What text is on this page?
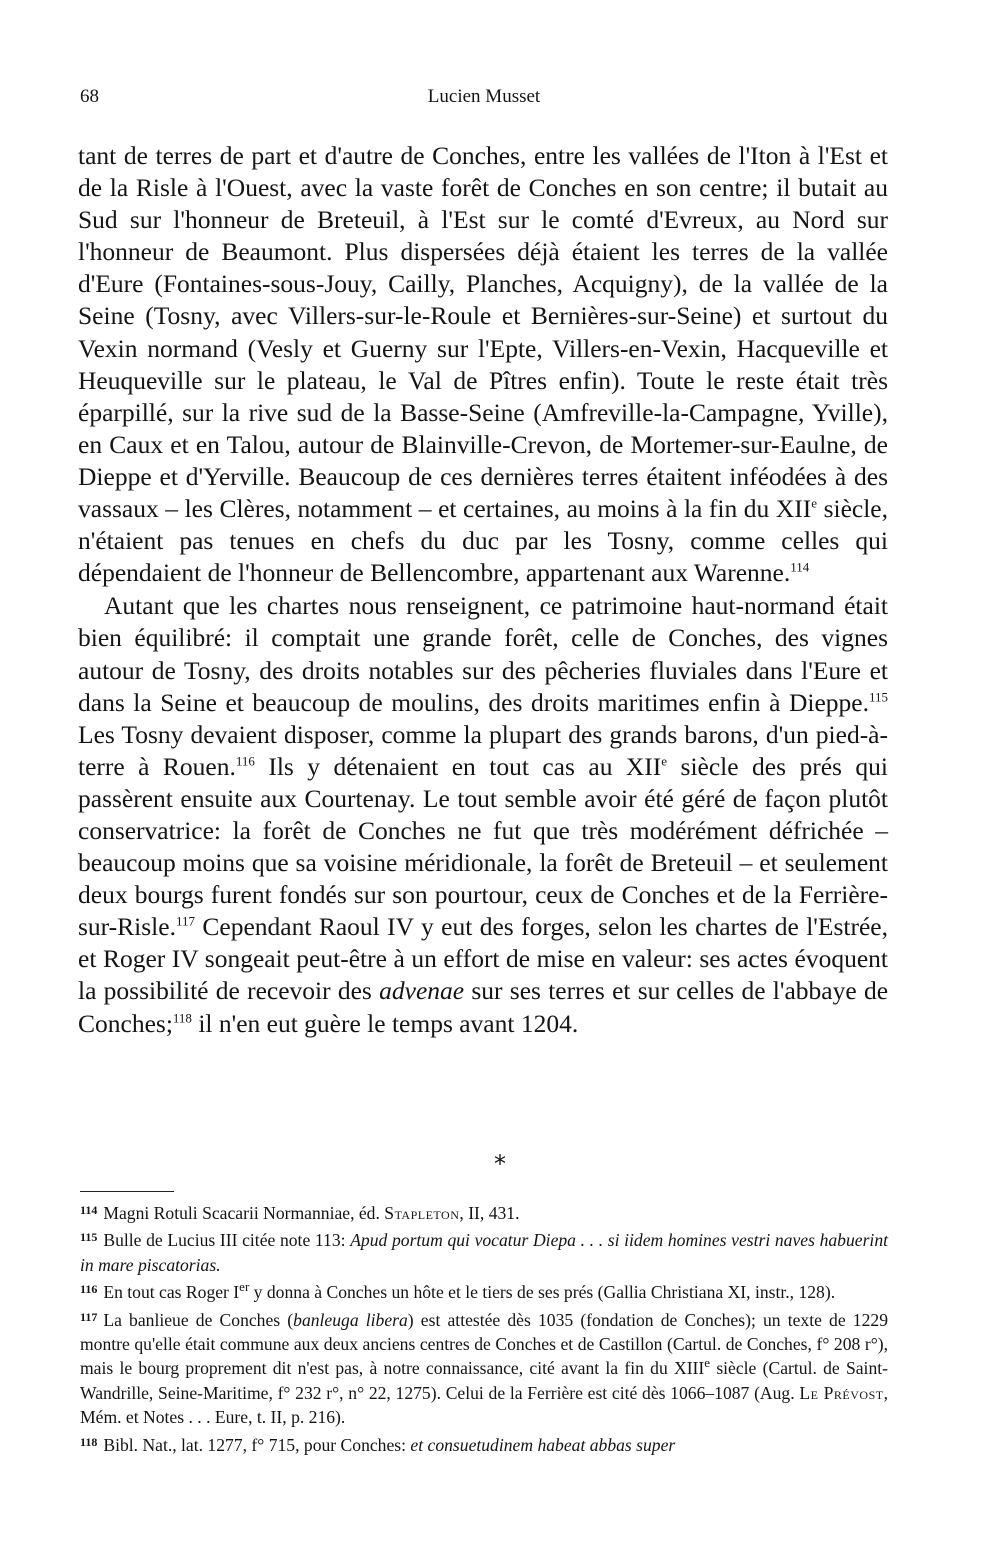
68	Lucien Musset

tant de terres de part et d'autre de Conches, entre les vallées de l'Iton à l'Est et de la Risle à l'Ouest, avec la vaste forêt de Conches en son centre; il butait au Sud sur l'honneur de Breteuil, à l'Est sur le comté d'Evreux, au Nord sur l'honneur de Beaumont. Plus dispersées déjà étaient les terres de la vallée d'Eure (Fontaines-sous-Jouy, Cailly, Planches, Acquigny), de la vallée de la Seine (Tosny, avec Villers-sur-le-Roule et Bernières-sur-Seine) et surtout du Vexin normand (Vesly et Guerny sur l'Epte, Villers-en-Vexin, Hacqueville et Heuqueville sur le plateau, le Val de Pîtres enfin). Toute le reste était très éparpillé, sur la rive sud de la Basse-Seine (Amfreville-la-Campagne, Yville), en Caux et en Talou, autour de Blainville-Crevon, de Mortemer-sur-Eaulne, de Dieppe et d'Yerville. Beaucoup de ces dernières terres étaitent inféodées à des vassaux – les Clères, notamment – et certaines, au moins à la fin du XIIe siècle, n'étaient pas tenues en chefs du duc par les Tosny, comme celles qui dépendaient de l'honneur de Bellencombre, appartenant aux Warenne.$^{114}$

Autant que les chartes nous renseignent, ce patrimoine haut-normand était bien équilibré: il comptait une grande forêt, celle de Conches, des vignes autour de Tosny, des droits notables sur des pêcheries fluviales dans l'Eure et dans la Seine et beaucoup de moulins, des droits maritimes enfin à Dieppe.$^{115}$ Les Tosny devaient disposer, comme la plupart des grands barons, d'un pied-à-terre à Rouen.$^{116}$ Ils y détenaient en tout cas au XIIe siècle des prés qui passèrent ensuite aux Courtenay. Le tout semble avoir été géré de façon plutôt conservatrice: la forêt de Conches ne fut que très modérément défrichée – beaucoup moins que sa voisine méridionale, la forêt de Breteuil – et seulement deux bourgs furent fondés sur son pourtour, ceux de Conches et de la Ferrière-sur-Risle.$^{117}$ Cependant Raoul IV y eut des forges, selon les chartes de l'Estrée, et Roger IV songeait peut-être à un effort de mise en valeur: ses actes évoquent la possibilité de recevoir des advenae sur ses terres et sur celles de l'abbaye de Conches;$^{118}$ il n'en eut guère le temps avant 1204.

*

$^{114}$ Magni Rotuli Scacarii Normanniae, éd. Stapleton, II, 431.

$^{115}$ Bulle de Lucius III citée note 113: Apud portum qui vocatur Diepa . . . si iidem homines vestri naves habuerint in mare piscatorias.

$^{116}$ En tout cas Roger Ier y donna à Conches un hôte et le tiers de ses prés (Gallia Christiana XI, instr., 128).

$^{117}$ La banlieue de Conches (banleuga libera) est attestée dès 1035 (fondation de Conches); un texte de 1229 montre qu'elle était commune aux deux anciens centres de Conches et de Castillon (Cartul. de Conches, f° 208 r°), mais le bourg proprement dit n'est pas, à notre connaissance, cité avant la fin du XIIIe siècle (Cartul. de Saint-Wandrille, Seine-Maritime, f° 232 r°, n° 22, 1275). Celui de la Ferrière est cité dès 1066–1087 (Aug. Le Prévost, Mém. et Notes . . . Eure, t. II, p. 216).

$^{118}$ Bibl. Nat., lat. 1277, f° 715, pour Conches: et consuetudinem habeat abbas super
